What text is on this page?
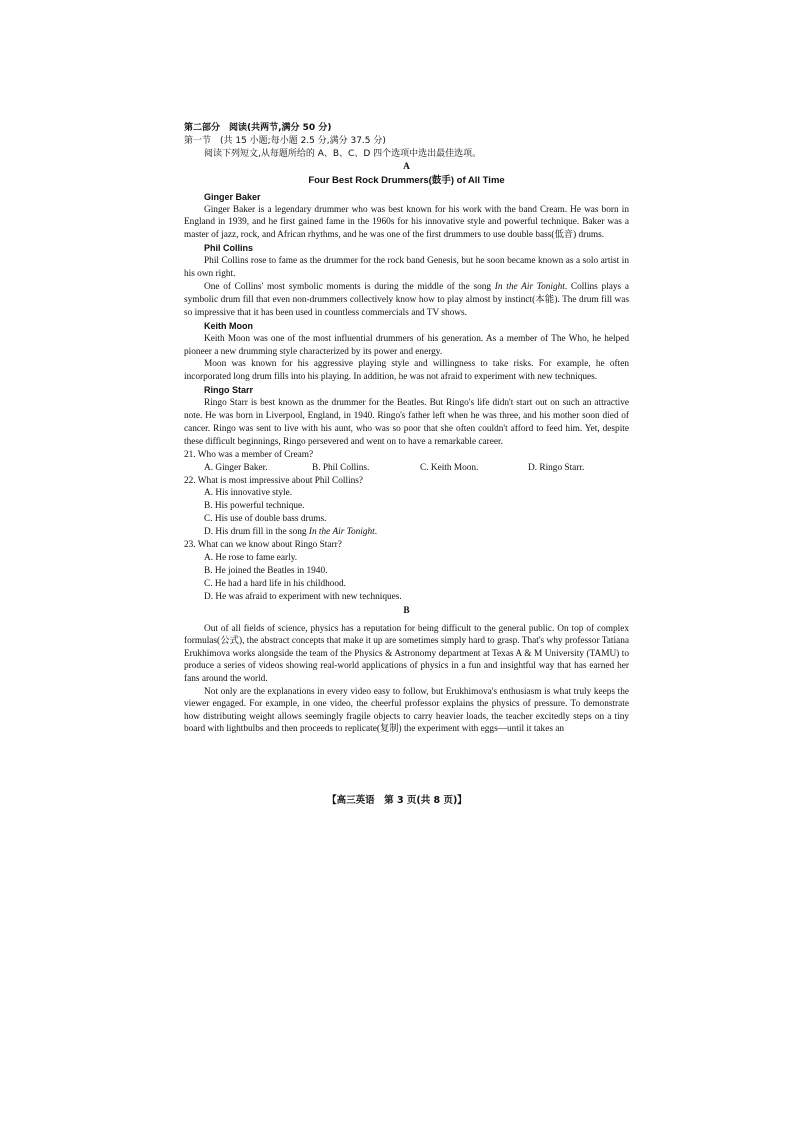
第二部分　阅读(共两节,满分 50 分)
第一节　(共 15 小题;每小题 2.5 分,满分 37.5 分)
阅读下列短文,从每题所给的 A、B、C、D 四个选项中选出最佳选项。
A
Four Best Rock Drummers(鼓手) of All Time
Ginger Baker

Ginger Baker is a legendary drummer who was best known for his work with the band Cream. He was born in England in 1939, and he first gained fame in the 1960s for his innovative style and powerful technique. Baker was a master of jazz, rock, and African rhythms, and he was one of the first drummers to use double bass(低音) drums.

Phil Collins

Phil Collins rose to fame as the drummer for the rock band Genesis, but he soon became known as a solo artist in his own right.

One of Collins' most symbolic moments is during the middle of the song In the Air Tonight. Collins plays a symbolic drum fill that even non-drummers collectively know how to play almost by instinct(本能). The drum fill was so impressive that it has been used in countless commercials and TV shows.

Keith Moon

Keith Moon was one of the most influential drummers of his generation. As a member of The Who, he helped pioneer a new drumming style characterized by its power and energy.

Moon was known for his aggressive playing style and willingness to take risks. For example, he often incorporated long drum fills into his playing. In addition, he was not afraid to experiment with new techniques.

Ringo Starr

Ringo Starr is best known as the drummer for the Beatles. But Ringo's life didn't start out on such an attractive note. He was born in Liverpool, England, in 1940. Ringo's father left when he was three, and his mother soon died of cancer. Ringo was sent to live with his aunt, who was so poor that she often couldn't afford to feed him. Yet, despite these difficult beginnings, Ringo persevered and went on to have a remarkable career.

21. Who was a member of Cream?
A. Ginger Baker.	B. Phil Collins.	C. Keith Moon.	D. Ringo Starr.
22. What is most impressive about Phil Collins?
A. His innovative style.
B. His powerful technique.
C. His use of double bass drums.
D. His drum fill in the song In the Air Tonight.
23. What can we know about Ringo Starr?
A. He rose to fame early.
B. He joined the Beatles in 1940.
C. He had a hard life in his childhood.
D. He was afraid to experiment with new techniques.
B

Out of all fields of science, physics has a reputation for being difficult to the general public. On top of complex formulas(公式), the abstract concepts that make it up are sometimes simply hard to grasp. That's why professor Tatiana Erukhimova works alongside the team of the Physics & Astronomy department at Texas A & M University (TAMU) to produce a series of videos showing real-world applications of physics in a fun and insightful way that has earned her fans around the world.

Not only are the explanations in every video easy to follow, but Erukhimova's enthusiasm is what truly keeps the viewer engaged. For example, in one video, the cheerful professor explains the physics of pressure. To demonstrate how distributing weight allows seemingly fragile objects to carry heavier loads, the teacher excitedly steps on a tiny board with lightbulbs and then proceeds to replicate(复制) the experiment with eggs—until it takes an

【高三英语　第 3 页(共 8 页)】
